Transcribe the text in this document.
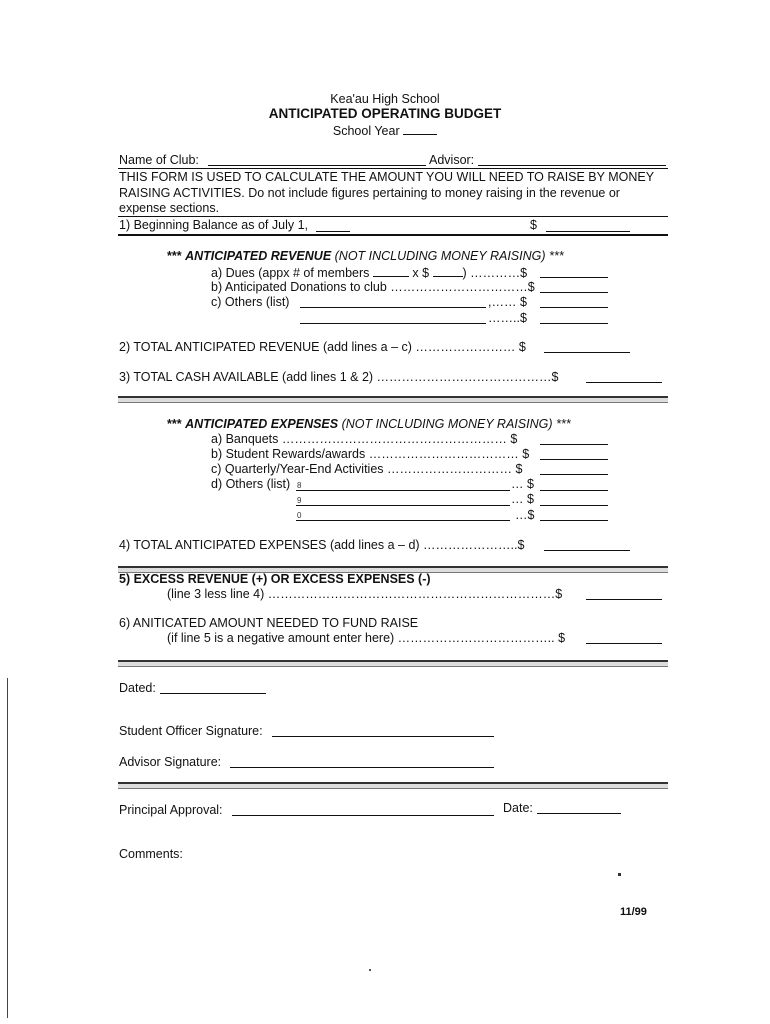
Kea'au High School
ANTICIPATED OPERATING BUDGET
School Year
Name of Club:	Advisor:
THIS FORM IS USED TO CALCULATE THE AMOUNT YOU WILL NEED TO RAISE BY MONEY
RAISING ACTIVITIES. Do not include figures pertaining to money raising in the revenue or
expense sections.
1) Beginning Balance as of July 1,	$
*** ANTICIPATED REVENUE (NOT INCLUDING MONEY RAISING) ***
a) Dues (appx # of members	x $	) …………$
b) Anticipated Donations to club ……………………………$
c) Others (list)	,…… $
……..$
2) TOTAL ANTICIPATED REVENUE (add lines a – c) …………………… $
3) TOTAL CASH AVAILABLE (add lines 1 & 2) ……………………………………$
*** ANTICIPATED EXPENSES (NOT INCLUDING MONEY RAISING) ***
a) Banquets ……………………………………………… $
b) Student Rewards/awards ……………………………… $
c) Quarterly/Year-End Activities ………………………… $
d) Others (list) 8	… $
9	… $
0	…$
4) TOTAL ANTICIPATED EXPENSES (add lines a – d) …………………..$
5) EXCESS REVENUE (+) OR EXCESS EXPENSES (-)
(line 3 less line 4) ……………………………………………………………$
6) ANITICATED AMOUNT NEEDED TO FUND RAISE
(if line 5 is a negative amount enter here) ……………………………….. $
Dated:
Student Officer Signature:
Advisor Signature:
Principal Approval:	Date:
Comments:
11/99
